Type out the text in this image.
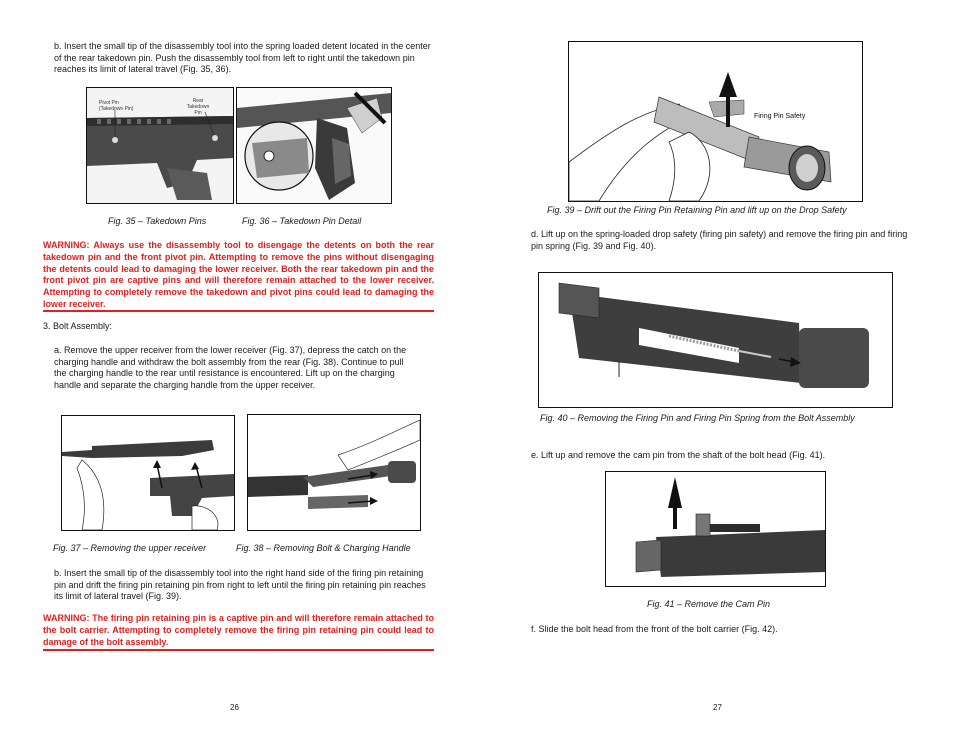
b. Insert the small tip of the disassembly tool into the spring loaded detent located in the center of the rear takedown pin. Push the disassembly tool from left to right until the takedown pin reaches its limit of lateral travel (Fig. 35, 36).

Pivot Pin (Takedown Pin)
Rear Takedown Pin
Fig. 35 – Takedown Pins	Fig. 36 – Takedown Pin Detail

WARNING: Always use the disassembly tool to disengage the detents on both the rear takedown pin and the front pivot pin. Attempting to remove the pins without disengaging the detents could lead to damaging the lower receiver. Both the rear takedown pin and the front pivot pin are captive pins and will therefore remain attached to the lower receiver. Attempting to completely remove the takedown and pivot pins could lead to damaging the lower receiver.

3. Bolt Assembly:

a. Remove the upper receiver from the lower receiver (Fig. 37), depress the catch on the charging handle and withdraw the bolt assembly from the rear (Fig. 38). Continue to pull the charging handle to the rear until resistance is encountered. Lift up on the charging handle and separate the charging handle from the upper receiver.

Fig. 37 – Removing the upper receiver	Fig. 38 – Removing Bolt & Charging Handle

b. Insert the small tip of the disassembly tool into the right hand side of the firing pin retaining pin and drift the firing pin retaining pin from right to left until the firing pin retaining pin reaches its limit of lateral travel (Fig. 39).

WARNING: The firing pin retaining pin is a captive pin and will therefore remain attached to the bolt carrier. Attempting to completely remove the firing pin retaining pin could lead to damage of the bolt assembly.

26
Firing Pin Safety
Fig. 39 – Drift out the Firing Pin Retaining Pin and lift up on the Drop Safety

d. Lift up on the spring-loaded drop safety (firing pin safety) and remove the firing pin and firing pin spring (Fig. 39 and Fig. 40).

Fig. 40 – Removing the Firing Pin and Firing Pin Spring from the Bolt Assembly

e. Lift up and remove the cam pin from the shaft of the bolt head (Fig. 41).

Fig. 41 – Remove the Cam Pin

f. Slide the bolt head from the front of the bolt carrier (Fig. 42).

27
